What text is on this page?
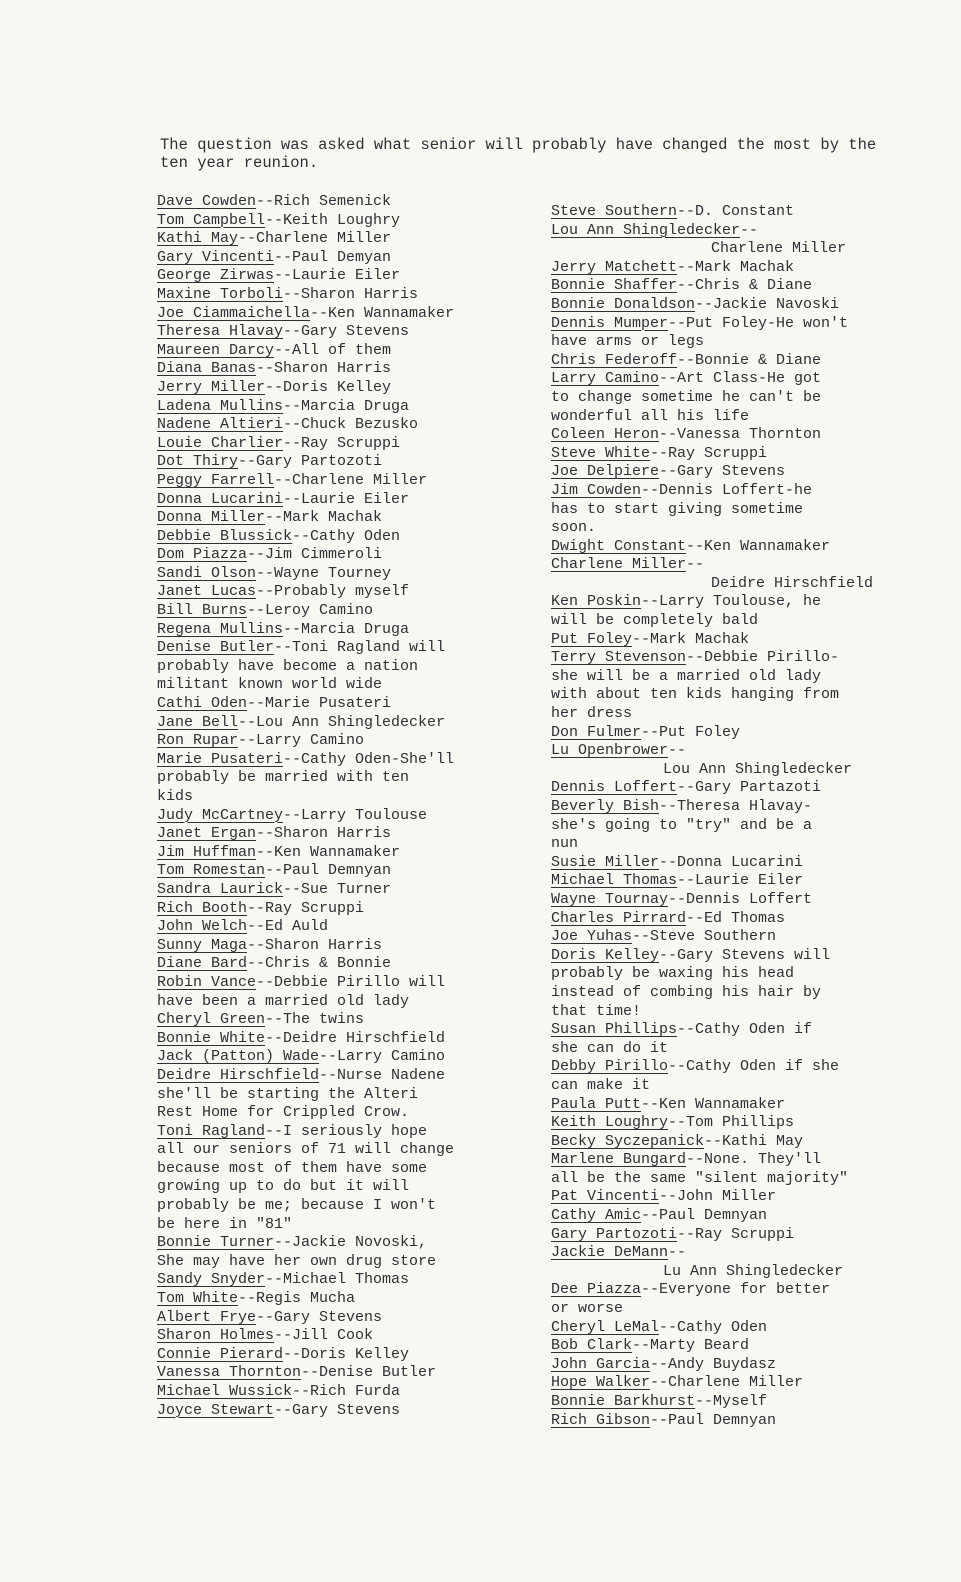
The question was asked what senior will probably have changed the most by the ten year reunion.

Dave Cowden--Rich Semenick

Tom Campbell--Keith Loughry

Kathi May--Charlene Miller

Gary Vincenti--Paul Demyan

George Zirwas--Laurie Eiler

Maxine Torboli--Sharon Harris

Joe Ciammaichella--Ken Wannamaker

Theresa Hlavay--Gary Stevens

Maureen Darcy--All of them

Diana Banas--Sharon Harris

Jerry Miller--Doris Kelley

Ladena Mullins--Marcia Druga

Nadene Altieri--Chuck Bezusko

Louie Charlier--Ray Scruppi

Dot Thiry--Gary Partozoti

Peggy Farrell--Charlene Miller

Donna Lucarini--Laurie Eiler

Donna Miller--Mark Machak

Debbie Blussick--Cathy Oden

Dom Piazza--Jim Cimmeroli

Sandi Olson--Wayne Tourney

Janet Lucas--Probably myself

Bill Burns--Leroy Camino

Regena Mullins--Marcia Druga

Denise Butler--Toni Ragland will
probably have become a nation
militant known world wide

Cathi Oden--Marie Pusateri

Jane Bell--Lou Ann Shingledecker

Ron Rupar--Larry Camino

Marie Pusateri--Cathy Oden-She'll
probably be married with ten
kids

Judy McCartney--Larry Toulouse

Janet Ergan--Sharon Harris

Jim Huffman--Ken Wannamaker

Tom Romestan--Paul Demnyan

Sandra Laurick--Sue Turner

Rich Booth--Ray Scruppi

John Welch--Ed Auld

Sunny Maga--Sharon Harris

Diane Bard--Chris & Bonnie

Robin Vance--Debbie Pirillo will
have been a married old lady

Cheryl Green--The twins

Bonnie White--Deidre Hirschfield

Jack (Patton) Wade--Larry Camino

Deidre Hirschfield--Nurse Nadene
she'll be starting the Alteri
Rest Home for Crippled Crow.

Toni Ragland--I seriously hope
all our seniors of 71 will change
because most of them have some
growing up to do but it will
probably be me; because I won't
be here in "81"

Bonnie Turner--Jackie Novoski,
She may have her own drug store

Sandy Snyder--Michael Thomas

Tom White--Regis Mucha

Albert Frye--Gary Stevens

Sharon Holmes--Jill Cook

Connie Pierard--Doris Kelley

Vanessa Thornton--Denise Butler

Michael Wussick--Rich Furda

Joyce Stewart--Gary Stevens

Steve Southern--D. Constant

Lou Ann Shingledecker--
Charlene Miller

Jerry Matchett--Mark Machak

Bonnie Shaffer--Chris & Diane

Bonnie Donaldson--Jackie Navoski

Dennis Mumper--Put Foley-He won't
have arms or legs

Chris Federoff--Bonnie & Diane

Larry Camino--Art Class-He got
to change sometime he can't be
wonderful all his life

Coleen Heron--Vanessa Thornton

Steve White--Ray Scruppi

Joe Delpiere--Gary Stevens

Jim Cowden--Dennis Loffert-he
has to start giving sometime
soon.

Dwight Constant--Ken Wannamaker

Charlene Miller--
Deidre Hirschfield

Ken Poskin--Larry Toulouse, he
will be completely bald

Put Foley--Mark Machak

Terry Stevenson--Debbie Pirillo-
she will be a married old lady
with about ten kids hanging from
her dress

Don Fulmer--Put Foley

Lu Openbrower--
Lou Ann Shingledecker

Dennis Loffert--Gary Partazoti

Beverly Bish--Theresa Hlavay-
she's going to "try" and be a
nun

Susie Miller--Donna Lucarini

Michael Thomas--Laurie Eiler

Wayne Tournay--Dennis Loffert

Charles Pirrard--Ed Thomas

Joe Yuhas--Steve Southern

Doris Kelley--Gary Stevens will
probably be waxing his head
instead of combing his hair by
that time!

Susan Phillips--Cathy Oden if
she can do it

Debby Pirillo--Cathy Oden if she
can make it

Paula Putt--Ken Wannamaker

Keith Loughry--Tom Phillips

Becky Syczepanick--Kathi May

Marlene Bungard--None. They'll
all be the same "silent majority"

Pat Vincenti--John Miller

Cathy Amic--Paul Demnyan

Gary Partozoti--Ray Scruppi

Jackie DeMann--
Lu Ann Shingledecker

Dee Piazza--Everyone for better
or worse

Cheryl LeMal--Cathy Oden

Bob Clark--Marty Beard

John Garcia--Andy Buydasz

Hope Walker--Charlene Miller

Bonnie Barkhurst--Myself

Rich Gibson--Paul Demnyan
